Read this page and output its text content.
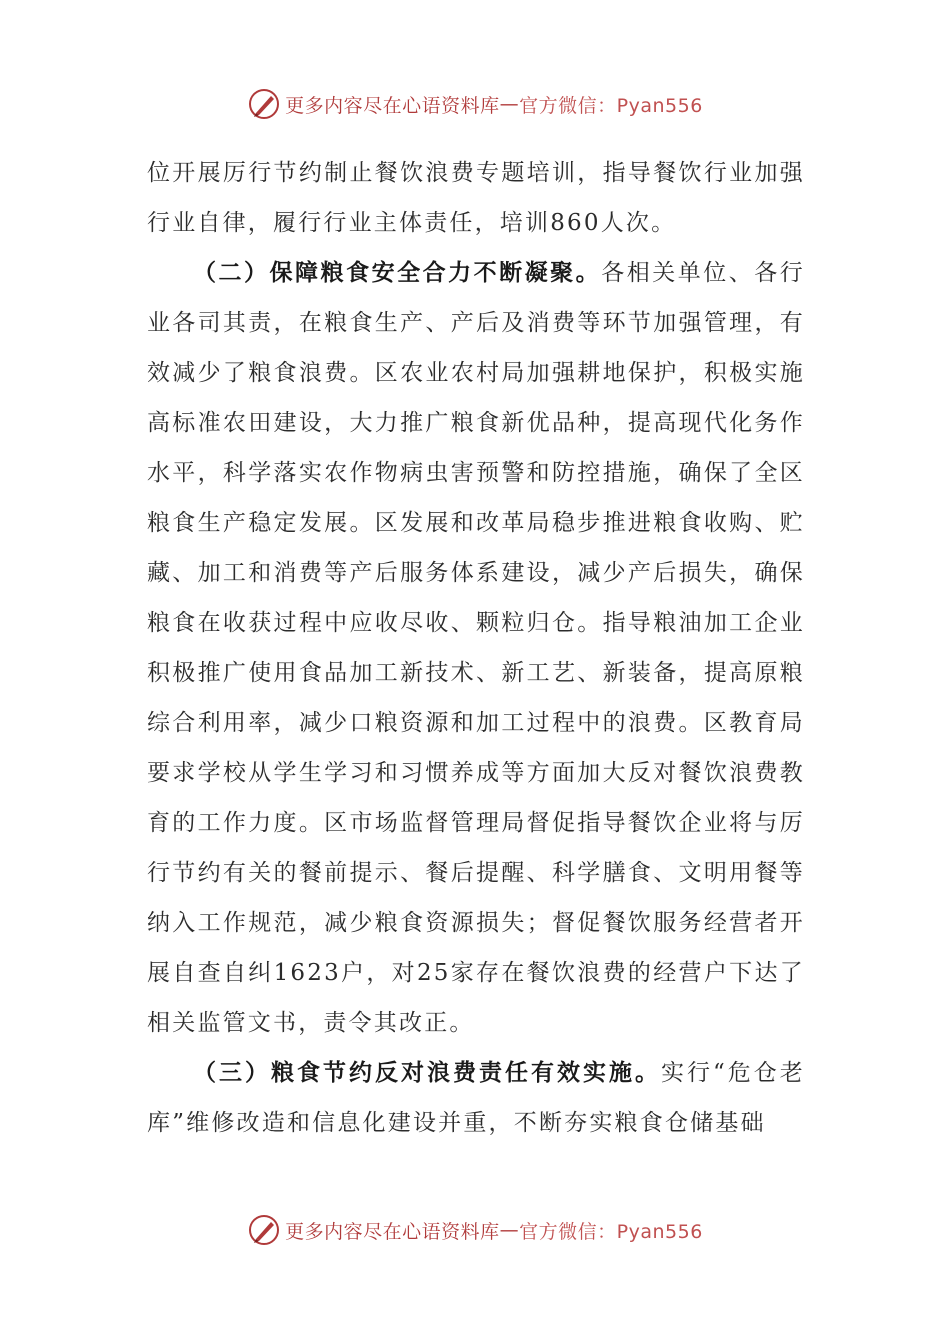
更多内容尽在心语资料库 — 官方微信：Pyan556

位开展厉行节约制止餐饮浪费专题培训，指导餐饮行业加强行业自律，履行行业主体责任，培训860人次。

（二）保障粮食安全合力不断凝聚。各相关单位、各行业各司其责，在粮食生产、产后及消费等环节加强管理，有效减少了粮食浪费。区农业农村局加强耕地保护，积极实施高标准农田建设，大力推广粮食新优品种，提高现代化务作水平，科学落实农作物病虫害预警和防控措施，确保了全区粮食生产稳定发展。区发展和改革局稳步推进粮食收购、贮藏、加工和消费等产后服务体系建设，减少产后损失，确保粮食在收获过程中应收尽收、颗粒归仓。指导粮油加工企业积极推广使用食品加工新技术、新工艺、新装备，提高原粮综合利用率，减少口粮资源和加工过程中的浪费。区教育局要求学校从学生学习和习惯养成等方面加大反对餐饮浪费教育的工作力度。区市场监督管理局督促指导餐饮企业将与厉行节约有关的餐前提示、餐后提醒、科学膳食、文明用餐等纳入工作规范，减少粮食资源损失；督促餐饮服务经营者开展自查自纠1623户，对25家存在餐饮浪费的经营户下达了相关监管文书，责令其改正。

（三）粮食节约反对浪费责任有效实施。实行“危仓老库”维修改造和信息化建设并重，不断夯实粮食仓储基础

更多内容尽在心语资料库 — 官方微信：Pyan556
